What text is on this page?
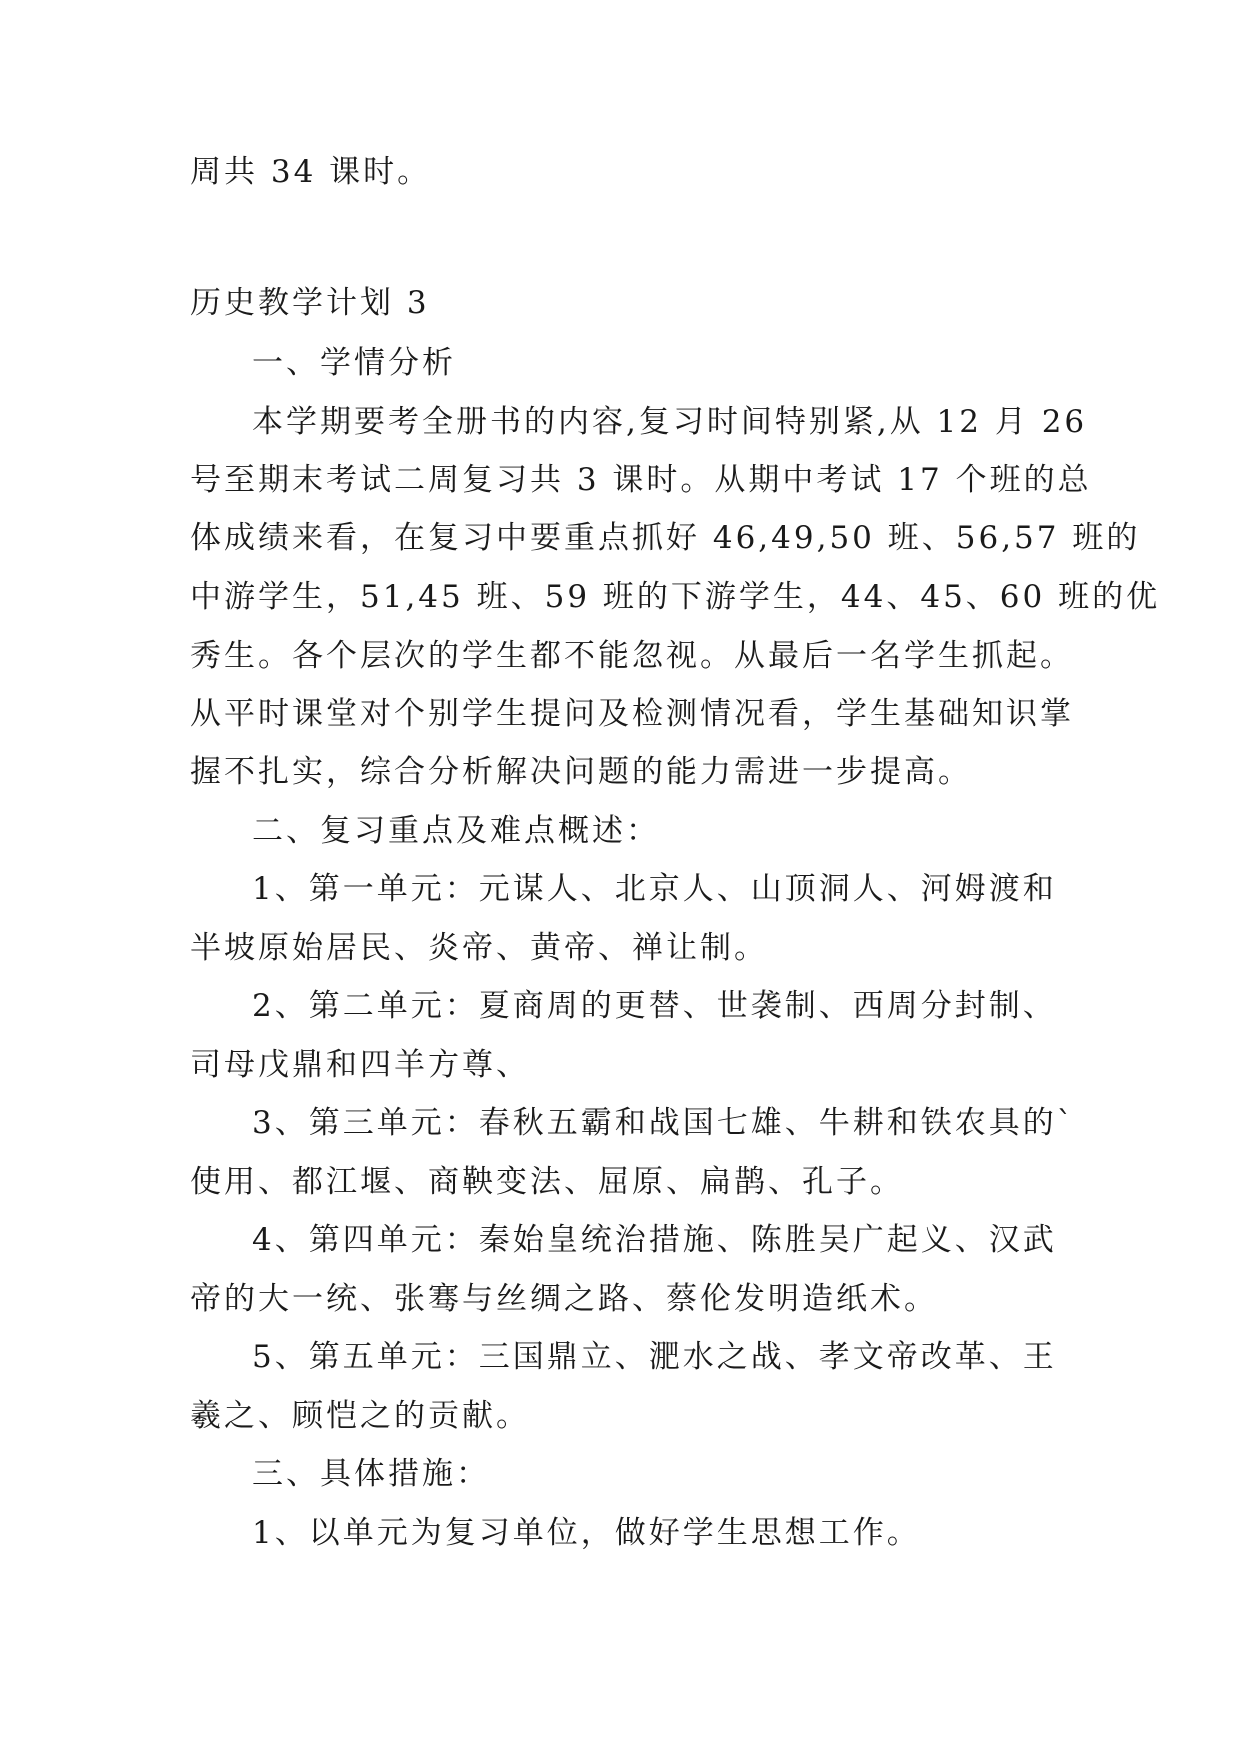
周共 34 课时。
历史教学计划 3
一、学情分析
本学期要考全册书的内容,复习时间特别紧,从 12 月 26
号至期末考试二周复习共 3 课时。从期中考试 17 个班的总
体成绩来看，在复习中要重点抓好 46,49,50 班、56,57 班的
中游学生，51,45 班、59 班的下游学生，44、45、60 班的优
秀生。各个层次的学生都不能忽视。从最后一名学生抓起。
从平时课堂对个别学生提问及检测情况看，学生基础知识掌
握不扎实，综合分析解决问题的能力需进一步提高。
二、复习重点及难点概述：
1、第一单元：元谋人、北京人、山顶洞人、河姆渡和
半坡原始居民、炎帝、黄帝、禅让制。
2、第二单元：夏商周的更替、世袭制、西周分封制、
司母戊鼎和四羊方尊、
3、第三单元：春秋五霸和战国七雄、牛耕和铁农具的`
使用、都江堰、商鞅变法、屈原、扁鹊、孔子。
4、第四单元：秦始皇统治措施、陈胜吴广起义、汉武
帝的大一统、张骞与丝绸之路、蔡伦发明造纸术。
5、第五单元：三国鼎立、淝水之战、孝文帝改革、王
羲之、顾恺之的贡献。
三、具体措施：
1、以单元为复习单位，做好学生思想工作。
